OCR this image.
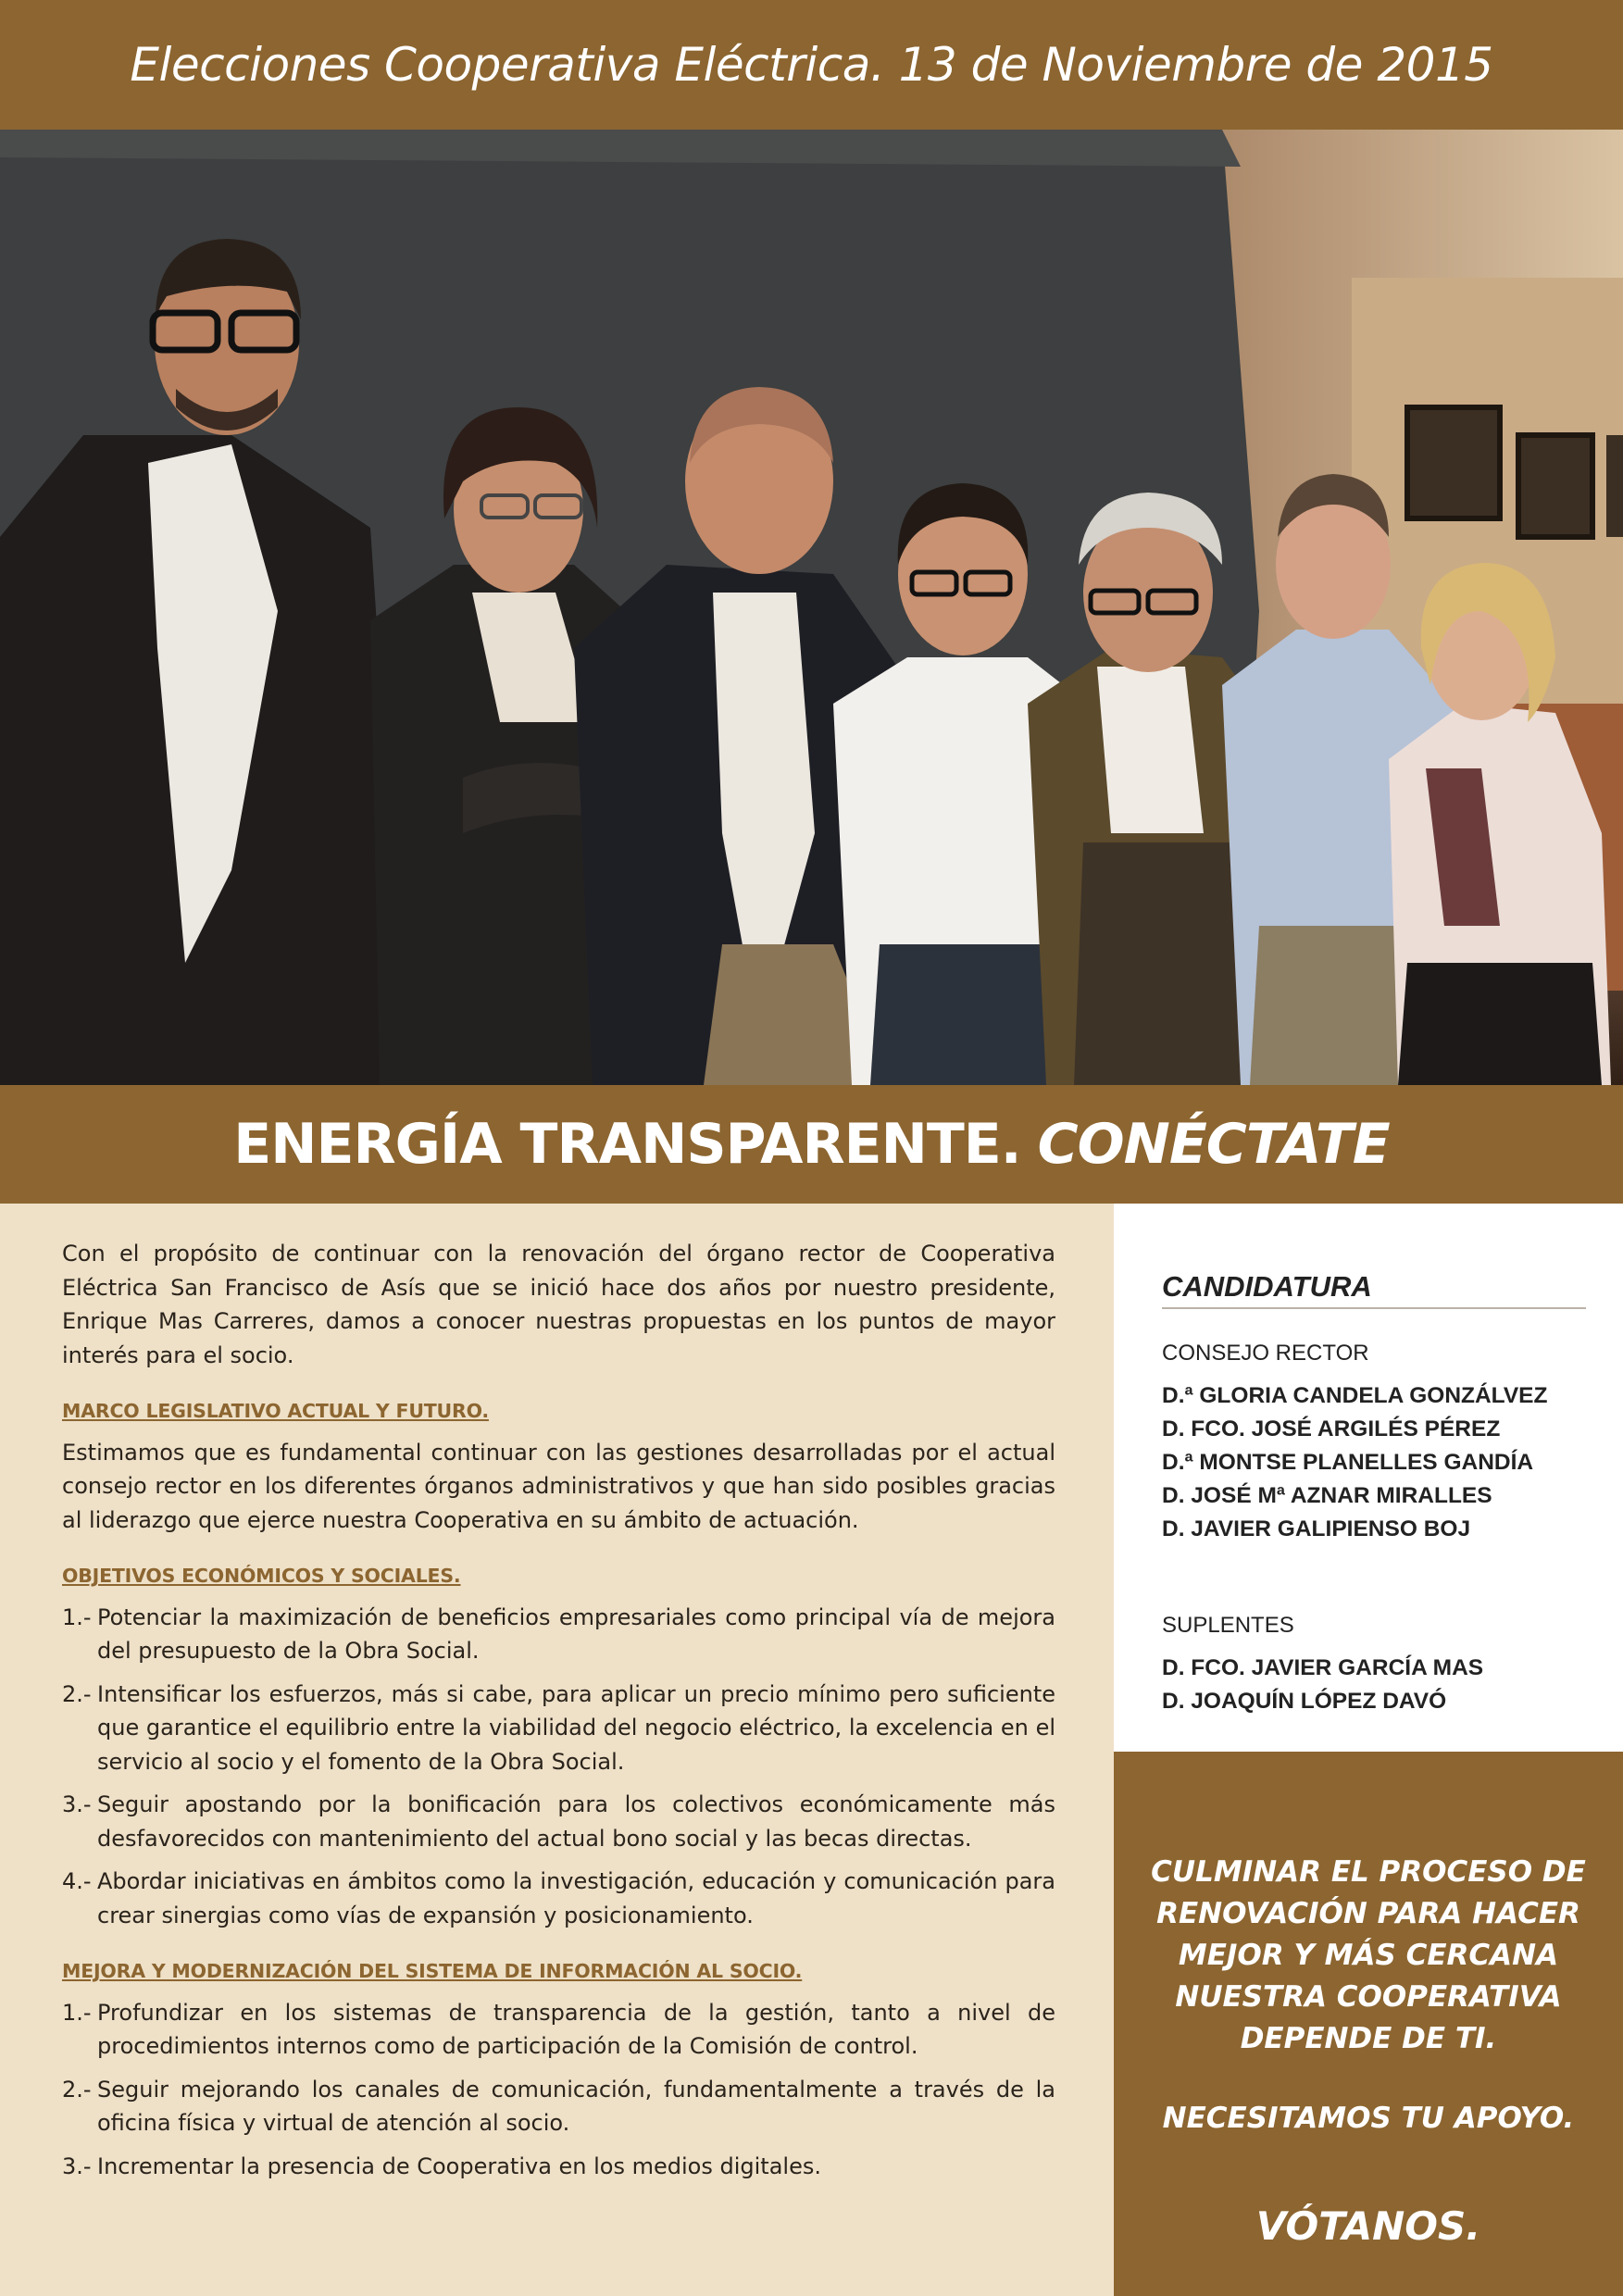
Elecciones Cooperativa Eléctrica. 13 de Noviembre de 2015
ENERGÍA TRANSPARENTE. CONÉCTATE

Con el propósito de continuar con la renovación del órgano rector de Cooperativa Eléctrica San Francisco de Asís que se inició hace dos años por nuestro presidente, Enrique Mas Carreres, damos a conocer nuestras propuestas en los puntos de mayor interés para el socio.

MARCO LEGISLATIVO ACTUAL Y FUTURO.

Estimamos que es fundamental continuar con las gestiones desarrolladas por el actual consejo rector en los diferentes órganos administrativos y que han sido posibles gracias al liderazgo que ejerce nuestra Cooperativa en su ámbito de actuación.

OBJETIVOS ECONÓMICOS Y SOCIALES.
1.- Potenciar la maximización de beneficios empresariales como principal vía de mejora del presupuesto de la Obra Social.
2.- Intensificar los esfuerzos, más si cabe, para aplicar un precio mínimo pero suficiente que garantice el equilibrio entre la viabilidad del negocio eléctrico, la excelencia en el servicio al socio y el fomento de la Obra Social.
3.- Seguir apostando por la bonificación para los colectivos económicamente más desfavorecidos con mantenimiento del actual bono social y las becas directas.
4.- Abordar iniciativas en ámbitos como la investigación, educación y comunicación para crear sinergias como vías de expansión y posicionamiento.
MEJORA Y MODERNIZACIÓN DEL SISTEMA DE INFORMACIÓN AL SOCIO.
1.- Profundizar en los sistemas de transparencia de la gestión, tanto a nivel de procedimientos internos como de participación de la Comisión de control.
2.- Seguir mejorando los canales de comunicación, fundamentalmente a través de la oficina física y virtual de atención al socio.
3.- Incrementar la presencia de Cooperativa en los medios digitales.
CANDIDATURA
CONSEJO RECTOR
D.ª GLORIA CANDELA GONZÁLVEZ
D. FCO. JOSÉ ARGILÉS PÉREZ
D.ª MONTSE PLANELLES GANDÍA
D. JOSÉ Mª AZNAR MIRALLES
D. JAVIER GALIPIENSO BOJ
SUPLENTES
D. FCO. JAVIER GARCÍA MAS
D. JOAQUÍN LÓPEZ DAVÓ
CULMINAR EL PROCESO DE
RENOVACIÓN PARA HACER
MEJOR Y MÁS CERCANA
NUESTRA COOPERATIVA
DEPENDE DE TI.
NECESITAMOS TU APOYO.
VÓTANOS.
